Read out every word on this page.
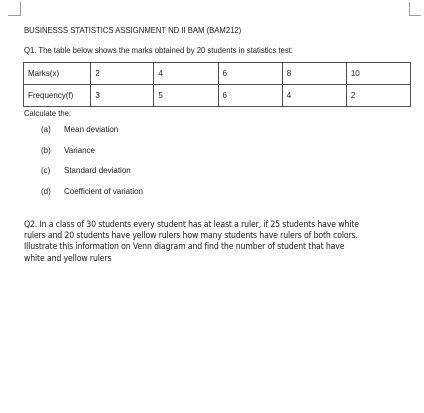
BUSINESSS STATISTICS ASSIGNMENT ND II BAM (BAM212)
Q1. The table below shows the marks obtained by 20 students in statistics test:
Marks(x)	2	4	6	8	10
Frequency(f)	3	5	6	4	2
Calculate the:
(a) Mean deviation
(b) Variance
(c) Standard deviation
(d) Coefficient of variation
Q2. In a class of 30 students every student has at least a ruler, if 25 students have white
rulers and 20 students have yellow rulers how many students have rulers of both colors.
Illustrate this information on Venn diagram and find the number of student that have
white and yellow rulers
